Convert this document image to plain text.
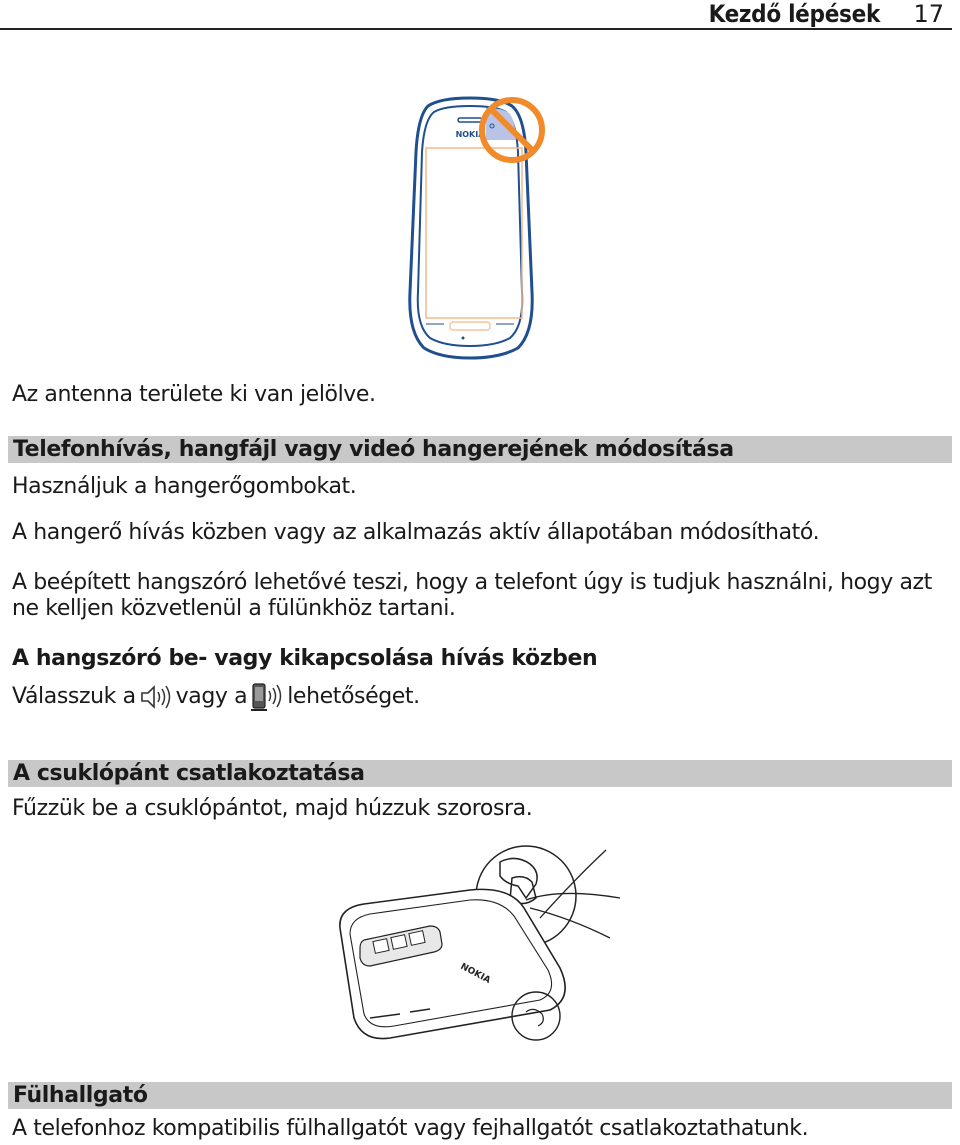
Kezdő lépések 17
NOKIA
Az antenna területe ki van jelölve.
Telefonhívás, hangfájl vagy videó hangerejének módosítása
Használjuk a hangerőgombokat.
A hangerő hívás közben vagy az alkalmazás aktív állapotában módosítható.
A beépített hangszóró lehetővé teszi, hogy a telefont úgy is tudjuk használni, hogy azt ne kelljen közvetlenül a fülünkhöz tartani.
A hangszóró be- vagy kikapcsolása hívás közben
Válasszuk a vagy a lehetőséget.
A csuklópánt csatlakoztatása
Fűzzük be a csuklópántot, majd húzzuk szorosra.
NOKIA
Fülhallgató
A telefonhoz kompatibilis fülhallgatót vagy fejhallgatót csatlakoztathatunk.
